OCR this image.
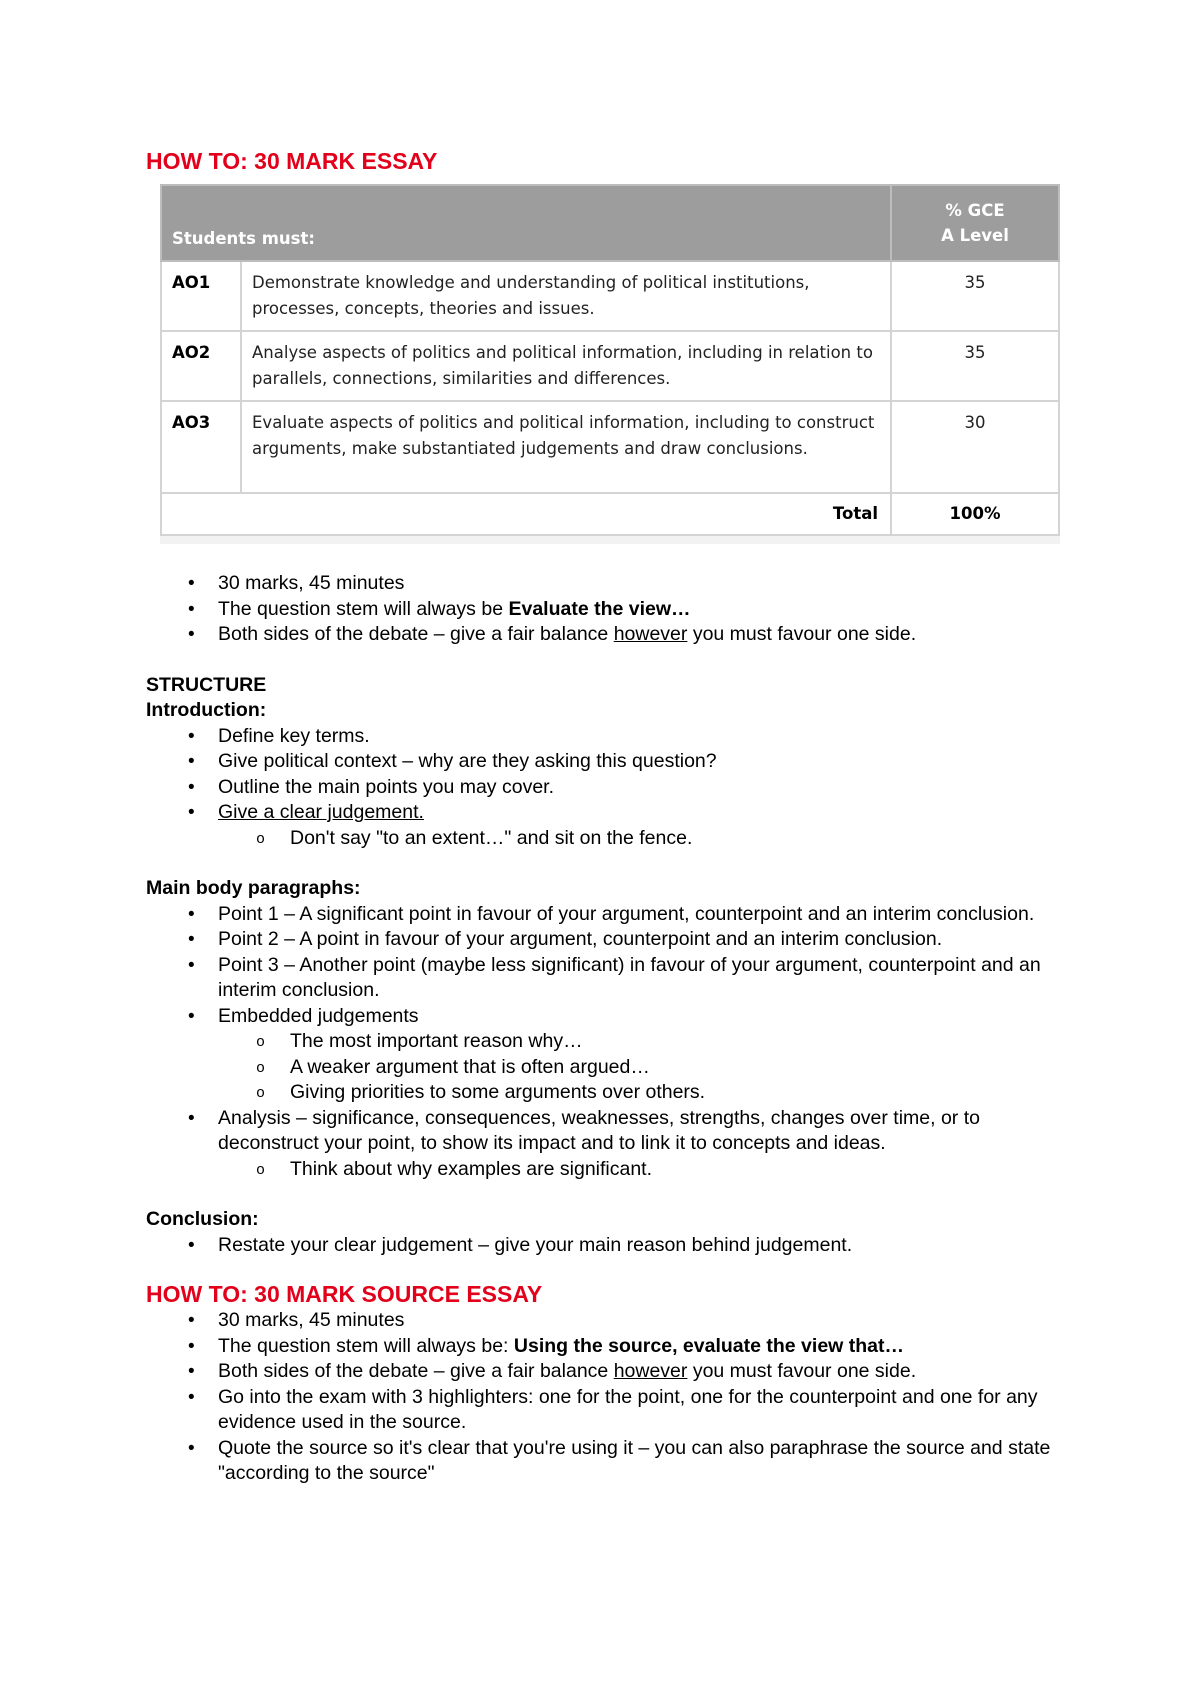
HOW TO: 30 MARK ESSAY
Students must:		% GCE
A Level
AO1	Demonstrate knowledge and understanding of political institutions, processes, concepts, theories and issues.	35
AO2	Analyse aspects of politics and political information, including in relation to parallels, connections, similarities and differences.	35
AO3	Evaluate aspects of politics and political information, including to construct arguments, make substantiated judgements and draw conclusions.	30
Total		100%
• 30 marks, 45 minutes
• The question stem will always be Evaluate the view…
• Both sides of the debate – give a fair balance however you must favour one side.

STRUCTURE

Introduction:

• Define key terms.
• Give political context – why are they asking this question?
• Outline the main points you may cover.
• Give a clear judgement.
o Don't say "to an extent…" and sit on the fence.

Main body paragraphs:

• Point 1 – A significant point in favour of your argument, counterpoint and an interim conclusion.
• Point 2 – A point in favour of your argument, counterpoint and an interim conclusion.
• Point 3 – Another point (maybe less significant) in favour of your argument, counterpoint and an interim conclusion.
• Embedded judgements
o The most important reason why…
o A weaker argument that is often argued…
o Giving priorities to some arguments over others.
• Analysis – significance, consequences, weaknesses, strengths, changes over time, or to deconstruct your point, to show its impact and to link it to concepts and ideas.
o Think about why examples are significant.

Conclusion:

• Restate your clear judgement – give your main reason behind judgement.
HOW TO: 30 MARK SOURCE ESSAY
• 30 marks, 45 minutes
• The question stem will always be: Using the source, evaluate the view that…
• Both sides of the debate – give a fair balance however you must favour one side.
• Go into the exam with 3 highlighters: one for the point, one for the counterpoint and one for any evidence used in the source.
• Quote the source so it's clear that you're using it – you can also paraphrase the source and state "according to the source"
